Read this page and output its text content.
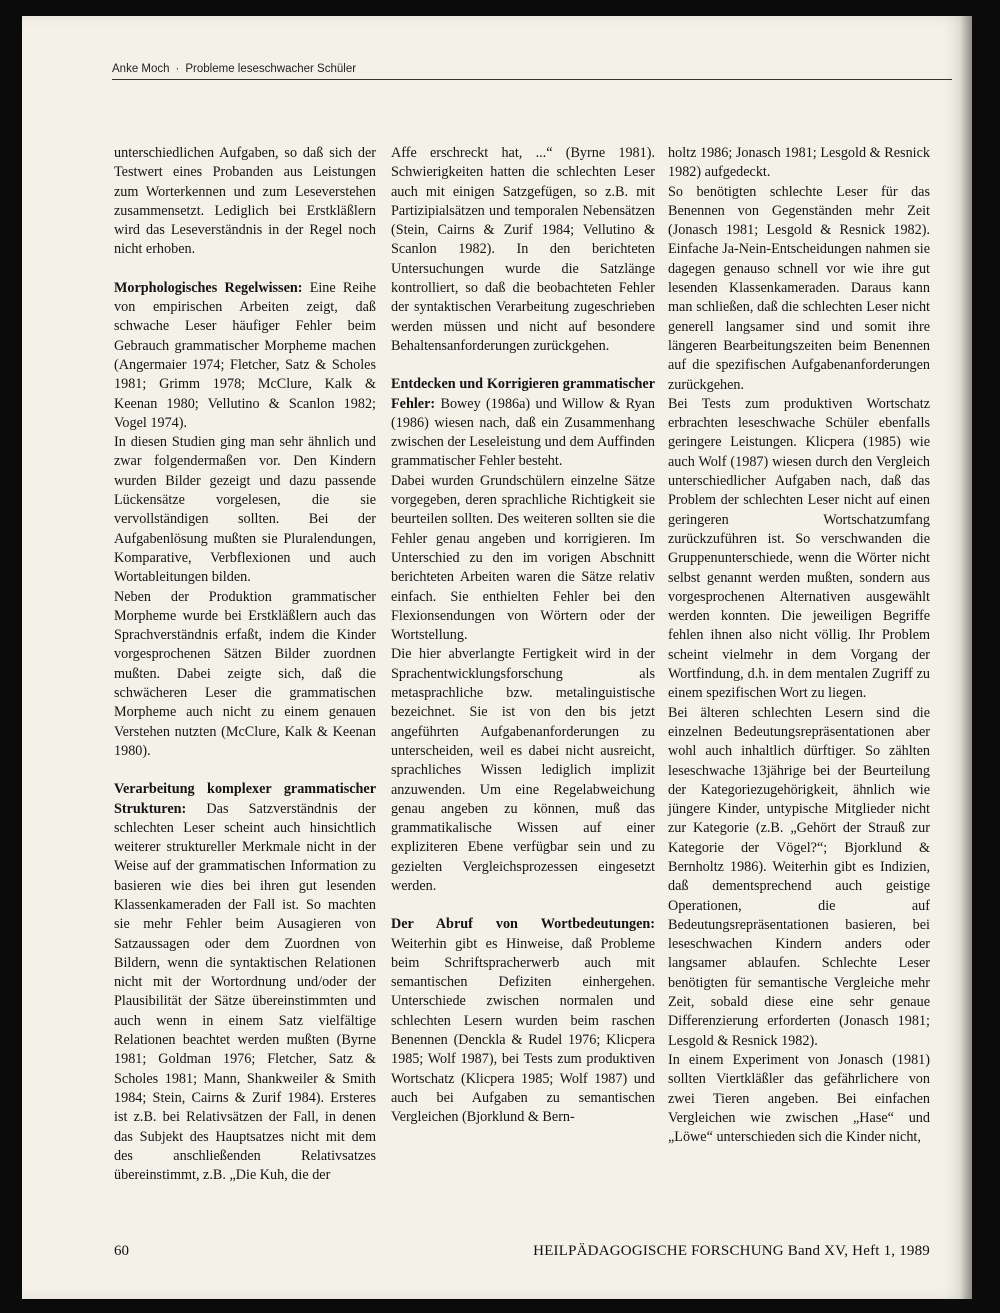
Anke Moch · Probleme leseschwacher Schüler

unterschiedlichen Aufgaben, so daß sich der Testwert eines Probanden aus Leistungen zum Worterkennen und zum Leseverstehen zusammensetzt. Lediglich bei Erstkläßlern wird das Leseverständnis in der Regel noch nicht erhoben.

Morphologisches Regelwissen: Eine Reihe von empirischen Arbeiten zeigt, daß schwache Leser häufiger Fehler beim Gebrauch grammatischer Morpheme machen (Angermaier 1974; Fletcher, Satz & Scholes 1981; Grimm 1978; McClure, Kalk & Keenan 1980; Vellutino & Scanlon 1982; Vogel 1974).

In diesen Studien ging man sehr ähnlich und zwar folgendermaßen vor. Den Kindern wurden Bilder gezeigt und dazu passende Lückensätze vorgelesen, die sie vervollständigen sollten. Bei der Aufgabenlösung mußten sie Pluralendungen, Komparative, Verbflexionen und auch Wortableitungen bilden.

Neben der Produktion grammatischer Morpheme wurde bei Erstkläßlern auch das Sprachverständnis erfaßt, indem die Kinder vorgesprochenen Sätzen Bilder zuordnen mußten. Dabei zeigte sich, daß die schwächeren Leser die grammatischen Morpheme auch nicht zu einem genauen Verstehen nutzten (McClure, Kalk & Keenan 1980).

Verarbeitung komplexer grammatischer Strukturen: Das Satzverständnis der schlechten Leser scheint auch hinsichtlich weiterer struktureller Merkmale nicht in der Weise auf der grammatischen Information zu basieren wie dies bei ihren gut lesenden Klassenkameraden der Fall ist. So machten sie mehr Fehler beim Ausagieren von Satzaussagen oder dem Zuordnen von Bildern, wenn die syntaktischen Relationen nicht mit der Wortordnung und/oder der Plausibilität der Sätze übereinstimmten und auch wenn in einem Satz vielfältige Relationen beachtet werden mußten (Byrne 1981; Goldman 1976; Fletcher, Satz & Scholes 1981; Mann, Shankweiler & Smith 1984; Stein, Cairns & Zurif 1984). Ersteres ist z.B. bei Relativsätzen der Fall, in denen das Subjekt des Hauptsatzes nicht mit dem des anschließenden Relativsatzes übereinstimmt, z.B. „Die Kuh, die der

Affe erschreckt hat, ...“ (Byrne 1981). Schwierigkeiten hatten die schlechten Leser auch mit einigen Satzgefügen, so z.B. mit Partizipialsätzen und temporalen Nebensätzen (Stein, Cairns & Zurif 1984; Vellutino & Scanlon 1982). In den berichteten Untersuchungen wurde die Satzlänge kontrolliert, so daß die beobachteten Fehler der syntaktischen Verarbeitung zugeschrieben werden müssen und nicht auf besondere Behaltensanforderungen zurückgehen.

Entdecken und Korrigieren grammatischer Fehler: Bowey (1986a) und Willow & Ryan (1986) wiesen nach, daß ein Zusammenhang zwischen der Leseleistung und dem Auffinden grammatischer Fehler besteht.

Dabei wurden Grundschülern einzelne Sätze vorgegeben, deren sprachliche Richtigkeit sie beurteilen sollten. Des weiteren sollten sie die Fehler genau angeben und korrigieren. Im Unterschied zu den im vorigen Abschnitt berichteten Arbeiten waren die Sätze relativ einfach. Sie enthielten Fehler bei den Flexionsendungen von Wörtern oder der Wortstellung.

Die hier abverlangte Fertigkeit wird in der Sprachentwicklungsforschung als metasprachliche bzw. metalinguistische bezeichnet. Sie ist von den bis jetzt angeführten Aufgabenanforderungen zu unterscheiden, weil es dabei nicht ausreicht, sprachliches Wissen lediglich implizit anzuwenden. Um eine Regelabweichung genau angeben zu können, muß das grammatikalische Wissen auf einer expliziteren Ebene verfügbar sein und zu gezielten Vergleichsprozessen eingesetzt werden.

Der Abruf von Wortbedeutungen: Weiterhin gibt es Hinweise, daß Probleme beim Schriftspracherwerb auch mit semantischen Defiziten einhergehen. Unterschiede zwischen normalen und schlechten Lesern wurden beim raschen Benennen (Denckla & Rudel 1976; Klicpera 1985; Wolf 1987), bei Tests zum produktiven Wortschatz (Klicpera 1985; Wolf 1987) und auch bei Aufgaben zu semantischen Vergleichen (Bjorklund & Bern-

holtz 1986; Jonasch 1981; Lesgold & Resnick 1982) aufgedeckt.

So benötigten schlechte Leser für das Benennen von Gegenständen mehr Zeit (Jonasch 1981; Lesgold & Resnick 1982). Einfache Ja-Nein-Entscheidungen nahmen sie dagegen genauso schnell vor wie ihre gut lesenden Klassenkameraden. Daraus kann man schließen, daß die schlechten Leser nicht generell langsamer sind und somit ihre längeren Bearbeitungszeiten beim Benennen auf die spezifischen Aufgabenanforderungen zurückgehen.

Bei Tests zum produktiven Wortschatz erbrachten leseschwache Schüler ebenfalls geringere Leistungen. Klicpera (1985) wie auch Wolf (1987) wiesen durch den Vergleich unterschiedlicher Aufgaben nach, daß das Problem der schlechten Leser nicht auf einen geringeren Wortschatzumfang zurückzuführen ist. So verschwanden die Gruppenunterschiede, wenn die Wörter nicht selbst genannt werden mußten, sondern aus vorgesprochenen Alternativen ausgewählt werden konnten. Die jeweiligen Begriffe fehlen ihnen also nicht völlig. Ihr Problem scheint vielmehr in dem Vorgang der Wortfindung, d.h. in dem mentalen Zugriff zu einem spezifischen Wort zu liegen.

Bei älteren schlechten Lesern sind die einzelnen Bedeutungsrepräsentationen aber wohl auch inhaltlich dürftiger. So zählten leseschwache 13jährige bei der Beurteilung der Kategoriezugehörigkeit, ähnlich wie jüngere Kinder, untypische Mitglieder nicht zur Kategorie (z.B. „Gehört der Strauß zur Kategorie der Vögel?“; Bjorklund & Bernholtz 1986). Weiterhin gibt es Indizien, daß dementsprechend auch geistige Operationen, die auf Bedeutungsrepräsentationen basieren, bei leseschwachen Kindern anders oder langsamer ablaufen. Schlechte Leser benötigten für semantische Vergleiche mehr Zeit, sobald diese eine sehr genaue Differenzierung erforderten (Jonasch 1981; Lesgold & Resnick 1982).

In einem Experiment von Jonasch (1981) sollten Viertkläßler das gefährlichere von zwei Tieren angeben. Bei einfachen Vergleichen wie zwischen „Hase“ und „Löwe“ unterschieden sich die Kinder nicht,

60	HEILPÄDAGOGISCHE FORSCHUNG Band XV, Heft 1, 1989
